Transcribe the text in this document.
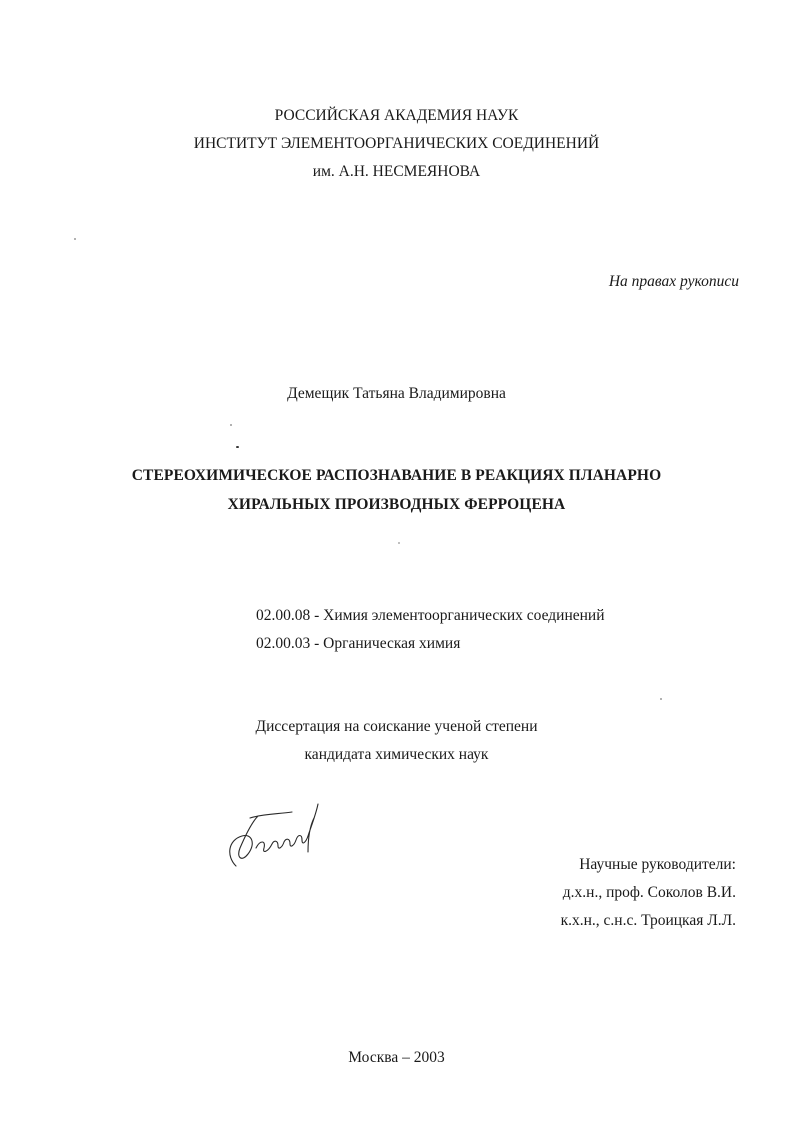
РОССИЙСКАЯ АКАДЕМИЯ НАУК
ИНСТИТУТ ЭЛЕМЕНТООРГАНИЧЕСКИХ СОЕДИНЕНИЙ
им. А.Н. НЕСМЕЯНОВА
На правах рукописи
Демещик Татьяна Владимировна
СТЕРЕОХИМИЧЕСКОЕ РАСПОЗНАВАНИЕ В РЕАКЦИЯХ ПЛАНАРНО
ХИРАЛЬНЫХ ПРОИЗВОДНЫХ ФЕРРОЦЕНА
02.00.08 - Химия элементоорганических соединений
02.00.03 - Органическая химия
Диссертация на соискание ученой степени
кандидата химических наук
Научные руководители:
д.х.н., проф. Соколов В.И.
к.х.н., с.н.с. Троицкая Л.Л.
Москва – 2003
